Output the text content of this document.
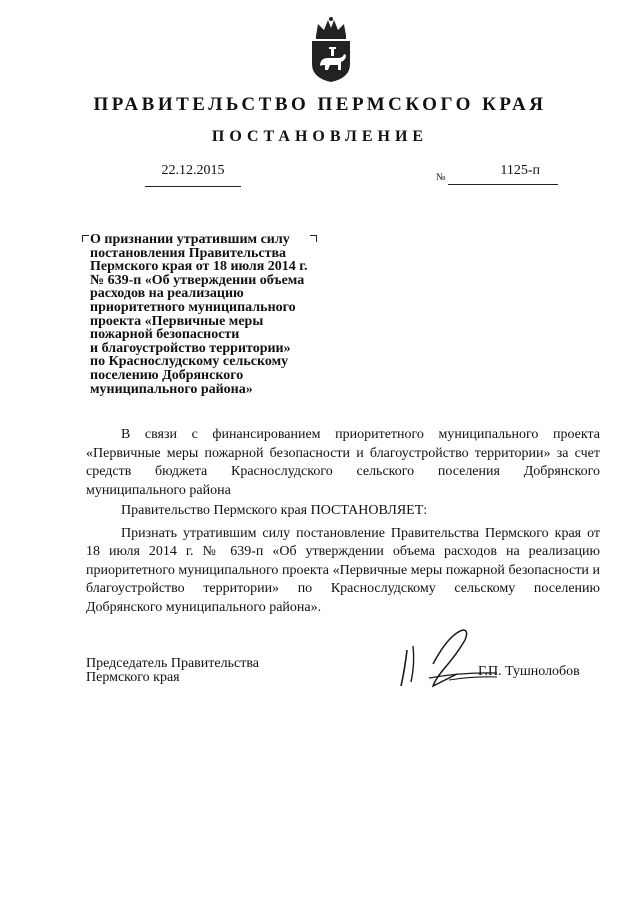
ПРАВИТЕЛЬСТВО ПЕРМСКОГО КРАЯ
ПОСТАНОВЛЕНИЕ
22.12.2015	№	1125-п
О признании утратившим силу
постановления Правительства
Пермского края от 18 июля 2014 г.
№ 639-п «Об утверждении объема
расходов на реализацию
приоритетного муниципального
проекта «Первичные меры
пожарной безопасности
и благоустройство территории»
по Краснослудскому сельскому
поселению Добрянского
муниципального района»

В связи с финансированием приоритетного муниципального проекта «Первичные меры пожарной безопасности и благоустройство территории» за счет средств бюджета Краснослудского сельского поселения Добрянского муниципального района

Правительство Пермского края ПОСТАНОВЛЯЕТ:

Признать утратившим силу постановление Правительства Пермского края от 18 июля 2014 г. № 639-п «Об утверждении объема расходов на реализацию приоритетного муниципального проекта «Первичные меры пожарной безопасности и благоустройство территории» по Краснослудскому сельскому поселению Добрянского муниципального района».

Председатель Правительства
Пермского края	Г.П. Тушнолобов
